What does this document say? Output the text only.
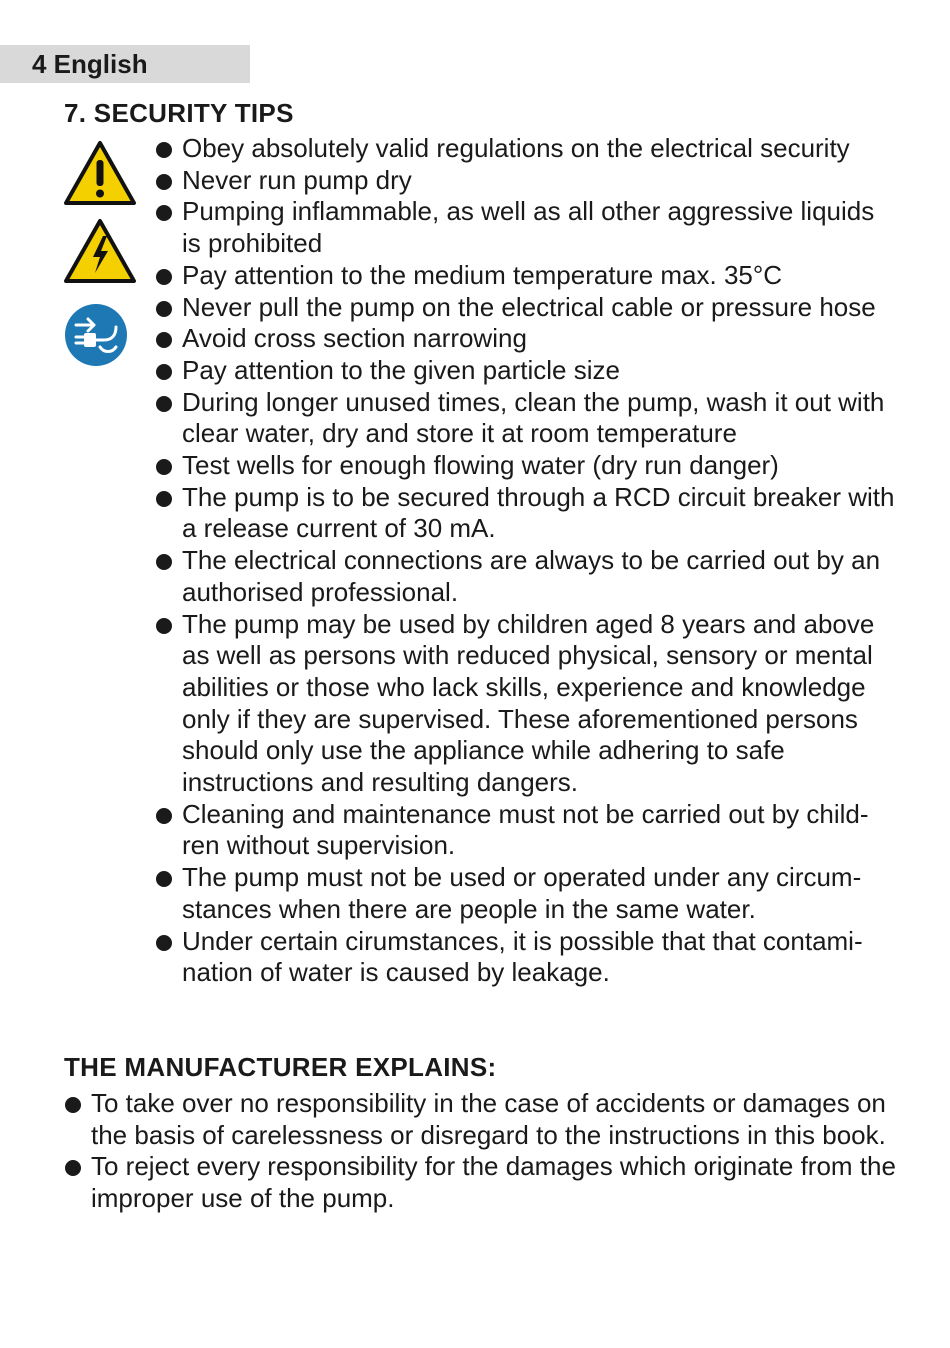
4 English
7. SECURITY TIPS
Obey absolutely valid regulations on the electrical security
Never run pump dry
Pumping inflammable, as well as all other aggressive liquids is prohibited
Pay attention to the medium temperature max. 35°C
Never pull the pump on the electrical cable or pressure hose
Avoid cross section narrowing
Pay attention to the given particle size
During longer unused times, clean the pump, wash it out with clear water, dry and store it at room temperature
Test wells for enough flowing water (dry run danger)
The pump is to be secured through a RCD circuit breaker with a release current of 30 mA.
The electrical connections are always to be carried out by an authorised professional.
The pump may be used by children aged 8 years and above as well as persons with reduced physical, sensory or mental abilities or those who lack skills, experience and knowledge only if they are supervised. These aforementioned persons should only use the appliance while adhering to safe instructions and resulting dangers.
Cleaning and maintenance must not be carried out by children without supervision.
The pump must not be used or operated under any circumstances when there are people in the same water.
Under certain cirumstances, it is possible that that contamination of water is caused by leakage.
THE MANUFACTURER EXPLAINS:
To take over no responsibility in the case of accidents or damages on the basis of carelessness or disregard to the instructions in this book.
To reject every responsibility for the damages which originate from the improper use of the pump.
